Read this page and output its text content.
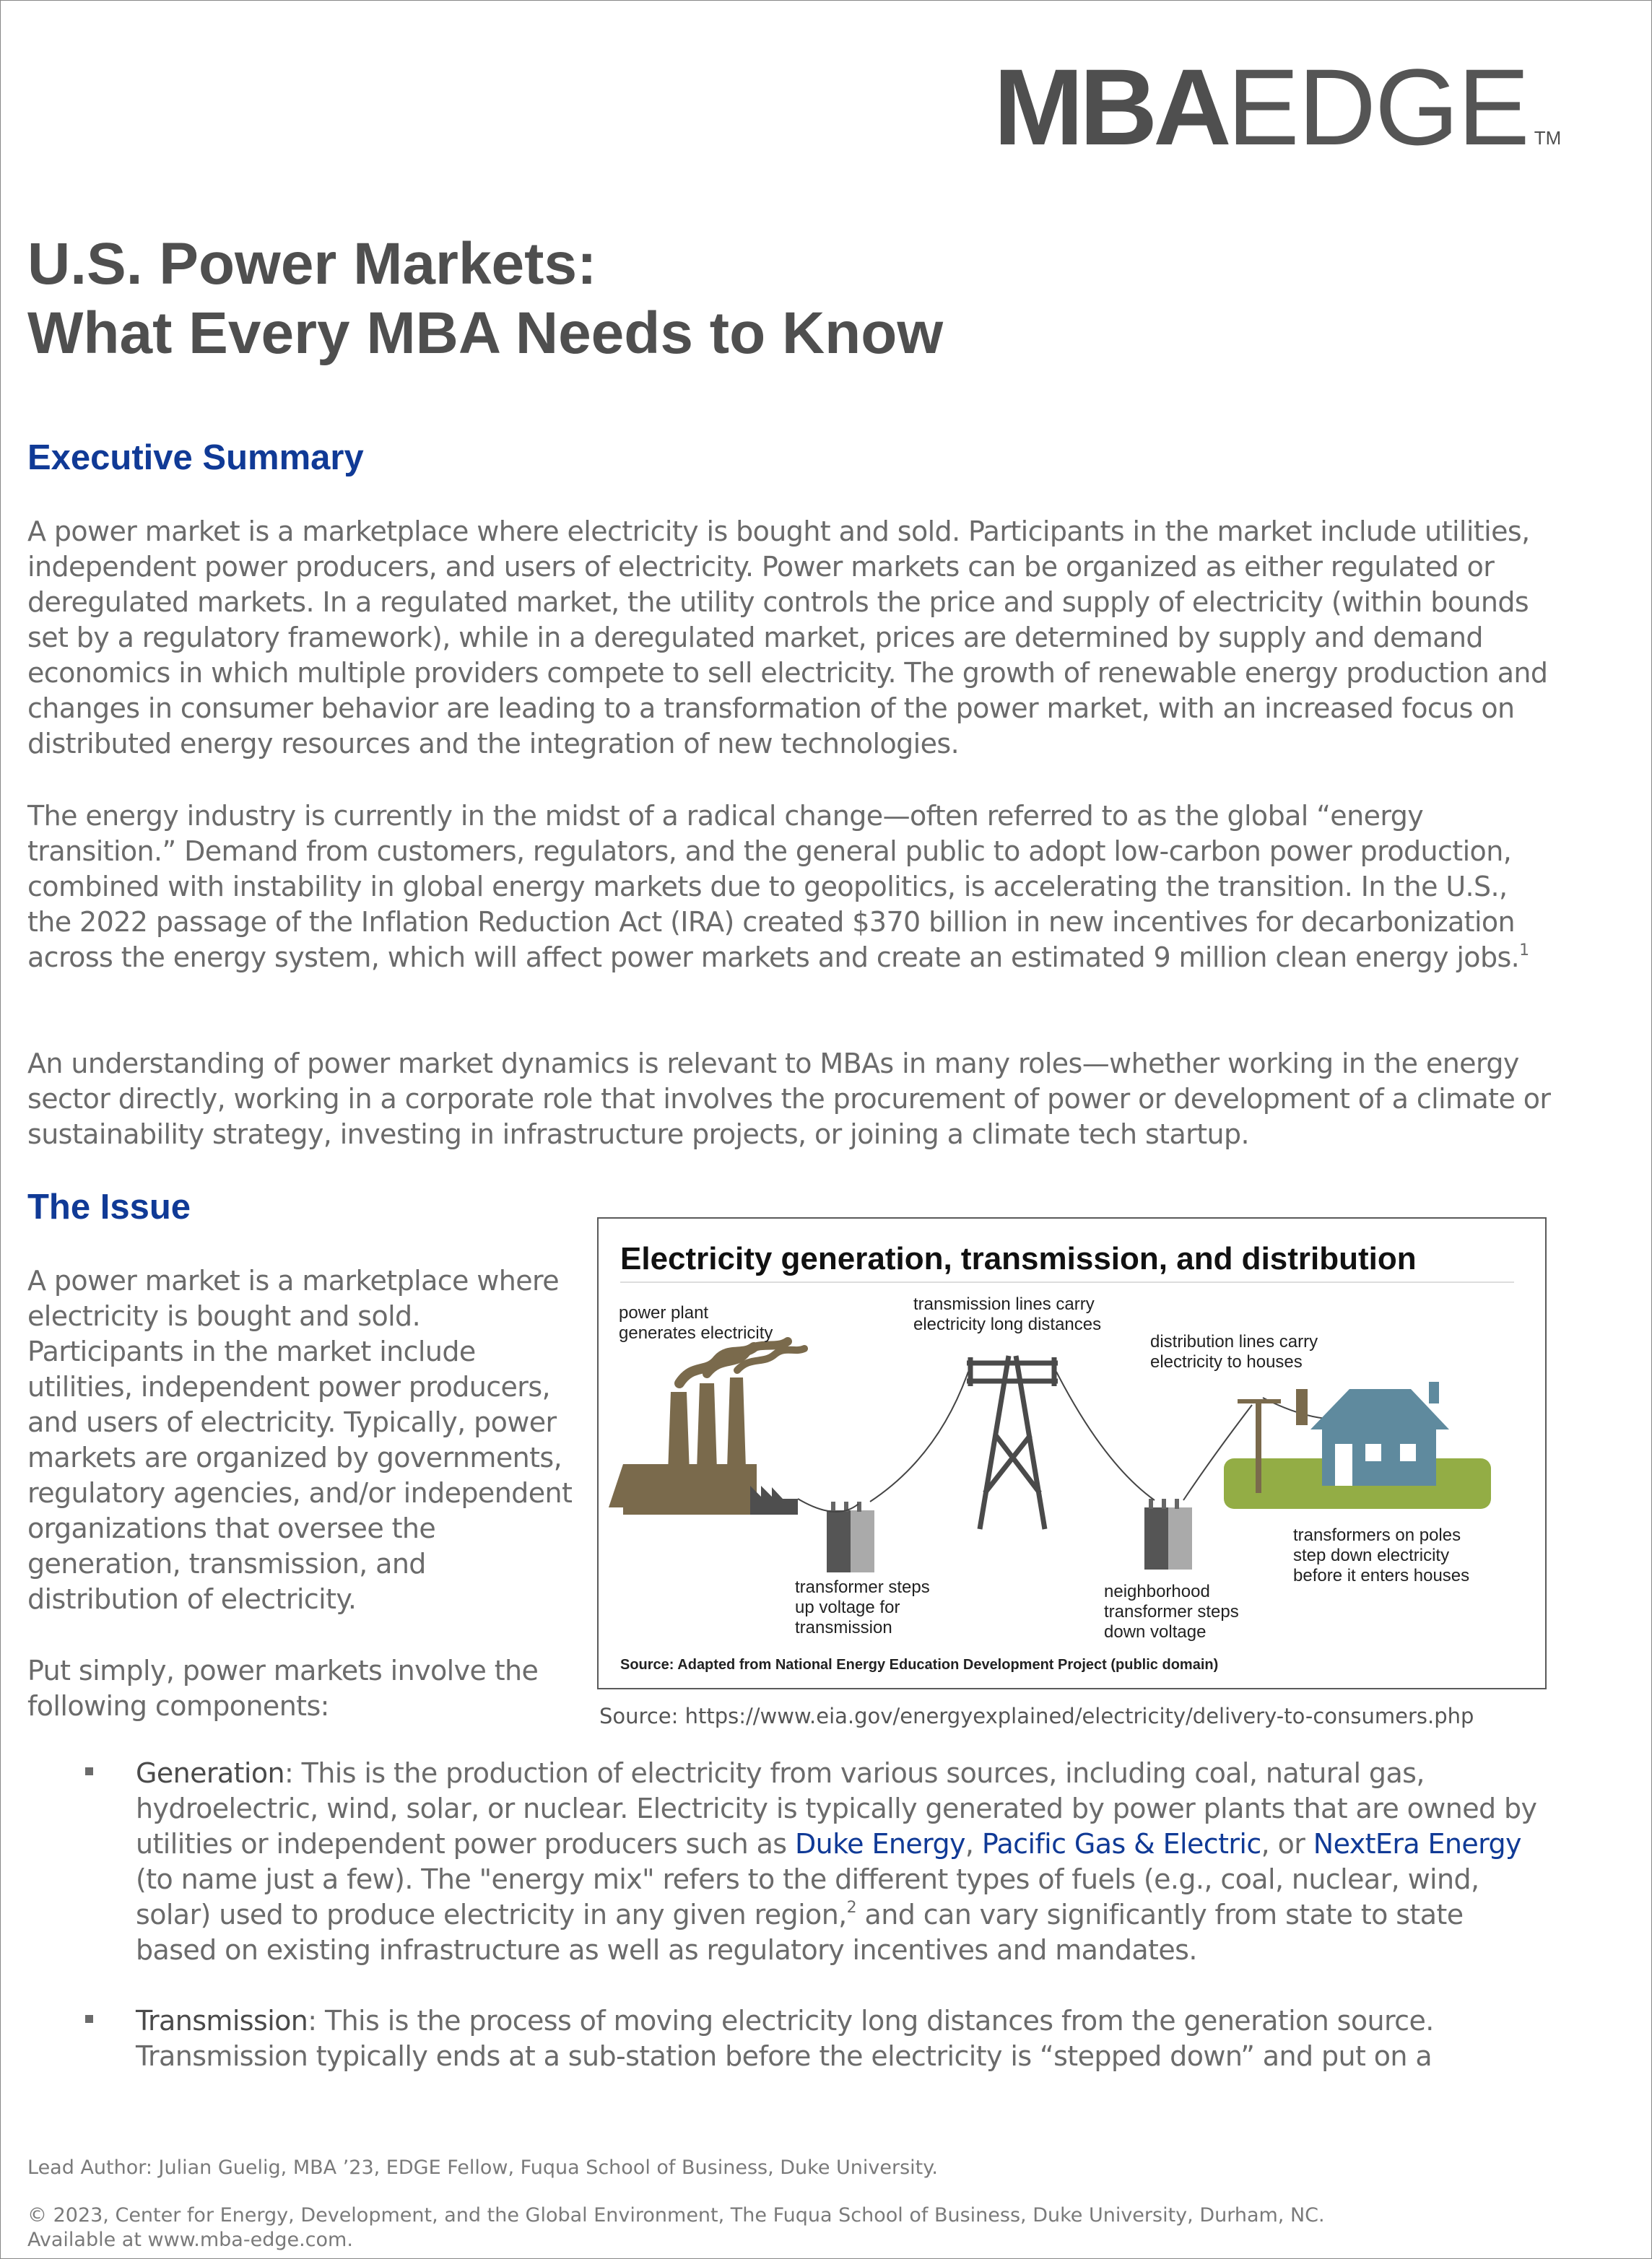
MBAEDGE TM
U.S. Power Markets:
What Every MBA Needs to Know
Executive Summary

A power market is a marketplace where electricity is bought and sold. Participants in the market include utilities, independent power producers, and users of electricity. Power markets can be organized as either regulated or deregulated markets. In a regulated market, the utility controls the price and supply of electricity (within bounds set by a regulatory framework), while in a deregulated market, prices are determined by supply and demand economics in which multiple providers compete to sell electricity. The growth of renewable energy production and changes in consumer behavior are leading to a transformation of the power market, with an increased focus on distributed energy resources and the integration of new technologies.

The energy industry is currently in the midst of a radical change—often referred to as the global “energy transition.” Demand from customers, regulators, and the general public to adopt low-carbon power production, combined with instability in global energy markets due to geopolitics, is accelerating the transition. In the U.S., the 2022 passage of the Inflation Reduction Act (IRA) created $370 billion in new incentives for decarbonization across the energy system, which will affect power markets and create an estimated 9 million clean energy jobs.$^1$

An understanding of power market dynamics is relevant to MBAs in many roles—whether working in the energy sector directly, working in a corporate role that involves the procurement of power or development of a climate or sustainability strategy, investing in infrastructure projects, or joining a climate tech startup.

The Issue

A power market is a marketplace where electricity is bought and sold. Participants in the market include utilities, independent power producers, and users of electricity. Typically, power markets are organized by governments, regulatory agencies, and/or independent organizations that oversee the generation, transmission, and distribution of electricity.

Put simply, power markets involve the following components:

Electricity generation, transmission, and distribution
power plant
generates electricity
transmission lines carry
electricity long distances
distribution lines carry
electricity to houses
transformer steps
up voltage for
transmission
neighborhood
transformer steps
down voltage
transformers on poles
step down electricity
before it enters houses
Source: Adapted from National Energy Education Development Project (public domain)
Source: https://www.eia.gov/energyexplained/electricity/delivery-to-consumers.php
Generation: This is the production of electricity from various sources, including coal, natural gas, hydroelectric, wind, solar, or nuclear. Electricity is typically generated by power plants that are owned by utilities or independent power producers such as Duke Energy, Pacific Gas & Electric, or NextEra Energy (to name just a few). The "energy mix" refers to the different types of fuels (e.g., coal, nuclear, wind, solar) used to produce electricity in any given region,$^2$ and can vary significantly from state to state based on existing infrastructure as well as regulatory incentives and mandates.
Transmission: This is the process of moving electricity long distances from the generation source. Transmission typically ends at a sub-station before the electricity is “stepped down” and put on a
Lead Author: Julian Guelig, MBA ’23, EDGE Fellow, Fuqua School of Business, Duke University.
© 2023, Center for Energy, Development, and the Global Environment, The Fuqua School of Business, Duke University, Durham, NC.
Available at www.mba-edge.com.
